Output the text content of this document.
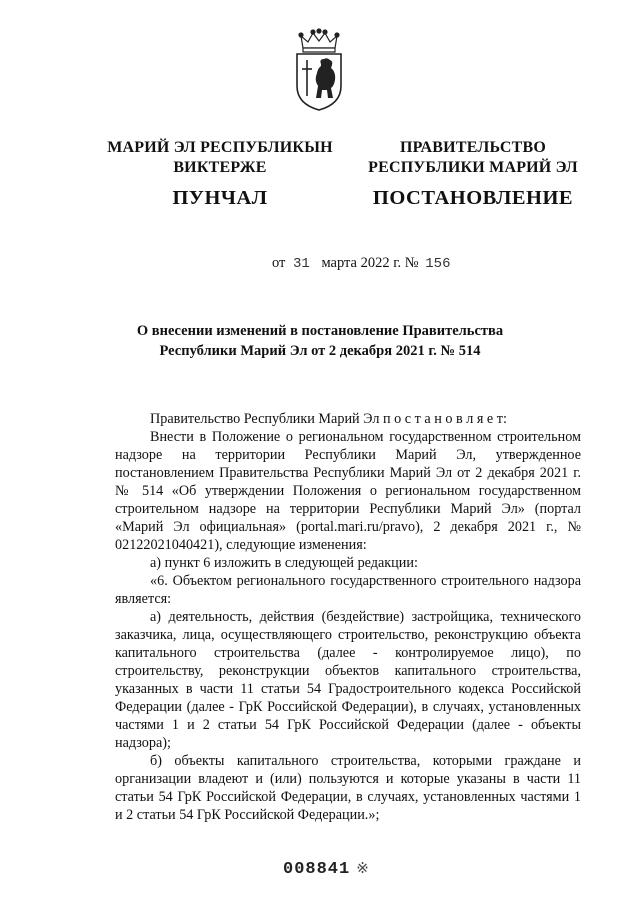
МАРИЙ ЭЛ РЕСПУБЛИКЫН
ВИКТЕРЖЕ
ПУНЧАЛ
ПРАВИТЕЛЬСТВО
РЕСПУБЛИКИ МАРИЙ ЭЛ
ПОСТАНОВЛЕНИЕ
от 31 марта 2022 г. № 156
О внесении изменений в постановление Правительства
Республики Марий Эл от 2 декабря 2021 г. № 514

Правительство Республики Марий Эл п о с т а н о в л я е т:

Внести в Положение о региональном государственном строительном надзоре на территории Республики Марий Эл, утвержденное постановлением Правительства Республики Марий Эл от 2 декабря 2021 г. № 514 «Об утверждении Положения о региональном государственном строительном надзоре на территории Республики Марий Эл» (портал «Марий Эл официальная» (portal.mari.ru/pravo), 2 декабря 2021 г., № 02122021040421), следующие изменения:

а) пункт 6 изложить в следующей редакции:

«6. Объектом регионального государственного строительного надзора является:

а) деятельность, действия (бездействие) застройщика, технического заказчика, лица, осуществляющего строительство, реконструкцию объекта капитального строительства (далее - контролируемое лицо), по строительству, реконструкции объектов капитального строительства, указанных в части 11 статьи 54 Градостроительного кодекса Российской Федерации (далее - ГрК Российской Федерации), в случаях, установленных частями 1 и 2 статьи 54 ГрК Российской Федерации (далее - объекты надзора);

б) объекты капитального строительства, которыми граждане и организации владеют и (или) пользуются и которые указаны в части 11 статьи 54 ГрК Российской Федерации, в случаях, установленных частями 1 и 2 статьи 54 ГрК Российской Федерации.»;

008841 ※
